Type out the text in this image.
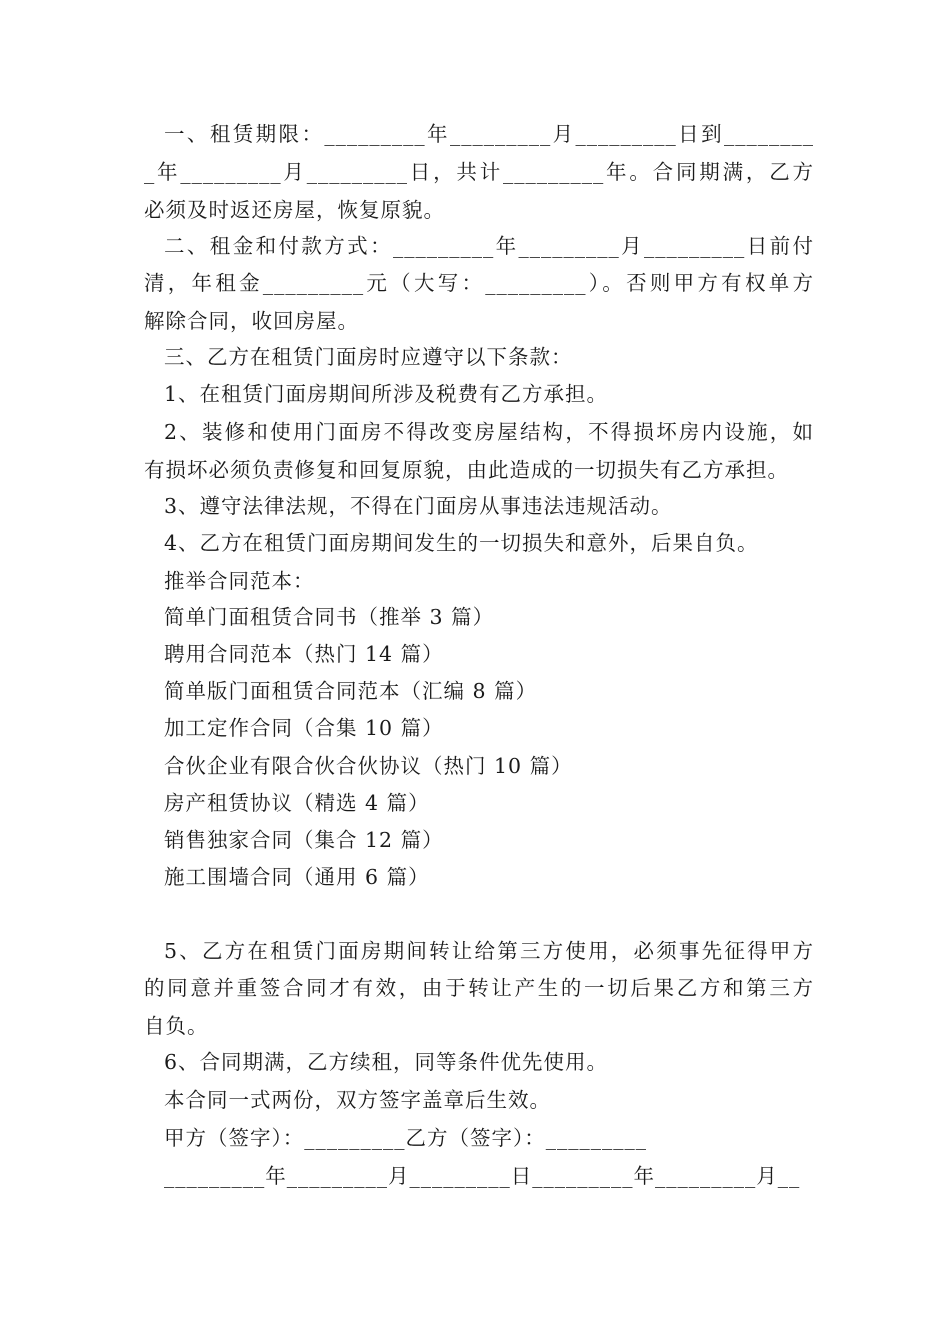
一、租赁期限：_________年_________月_________日到________
_年_________月_________日，共计_________年。合同期满，乙方
必须及时返还房屋，恢复原貌。
二、租金和付款方式：_________年_________月_________日前付
清，年租金_________元（大写：_________）。否则甲方有权单方
解除合同，收回房屋。
三、乙方在租赁门面房时应遵守以下条款：
1、在租赁门面房期间所涉及税费有乙方承担。
2、装修和使用门面房不得改变房屋结构，不得损坏房内设施，如
有损坏必须负责修复和回复原貌，由此造成的一切损失有乙方承担。
3、遵守法律法规，不得在门面房从事违法违规活动。
4、乙方在租赁门面房期间发生的一切损失和意外，后果自负。
推举合同范本：
简单门面租赁合同书（推举 3 篇）
聘用合同范本（热门 14 篇）
简单版门面租赁合同范本（汇编 8 篇）
加工定作合同（合集 10 篇）
合伙企业有限合伙合伙协议（热门 10 篇）
房产租赁协议（精选 4 篇）
销售独家合同（集合 12 篇）
施工围墙合同（通用 6 篇）
5、乙方在租赁门面房期间转让给第三方使用，必须事先征得甲方
的同意并重签合同才有效，由于转让产生的一切后果乙方和第三方
自负。
6、合同期满，乙方续租，同等条件优先使用。
本合同一式两份，双方签字盖章后生效。
甲方（签字）：_________乙方（签字）：_________
_________年_________月_________日_________年_________月__
